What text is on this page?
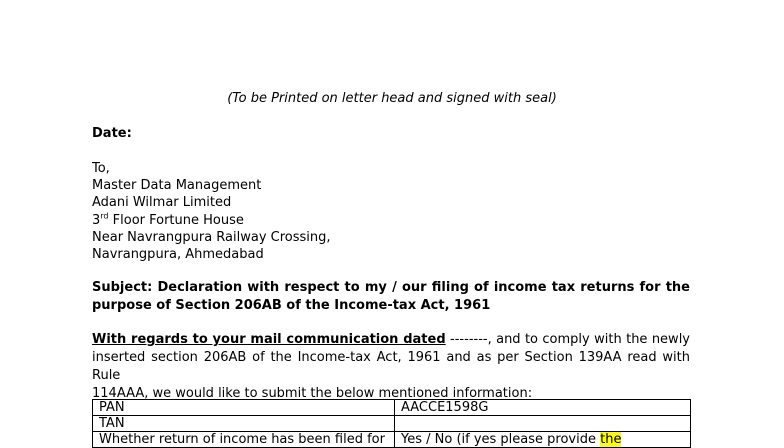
(To be Printed on letter head and signed with seal)
Date:
To,
Master Data Management
Adani Wilmar Limited
3rd Floor Fortune House
Near Navrangpura Railway Crossing,
Navrangpura, Ahmedabad
Subject: Declaration with respect to my / our filing of income tax returns for the
purpose of Section 206AB of the Income-tax Act, 1961
With regards to your mail communication dated --------, and to comply with the newly
inserted section 206AB of the Income-tax Act, 1961 and as per Section 139AA read with Rule
114AAA, we would like to submit the below mentioned information:
PAN	AACCE1598G
TAN	
Whether return of income has been filed for	Yes / No (if yes please provide the
